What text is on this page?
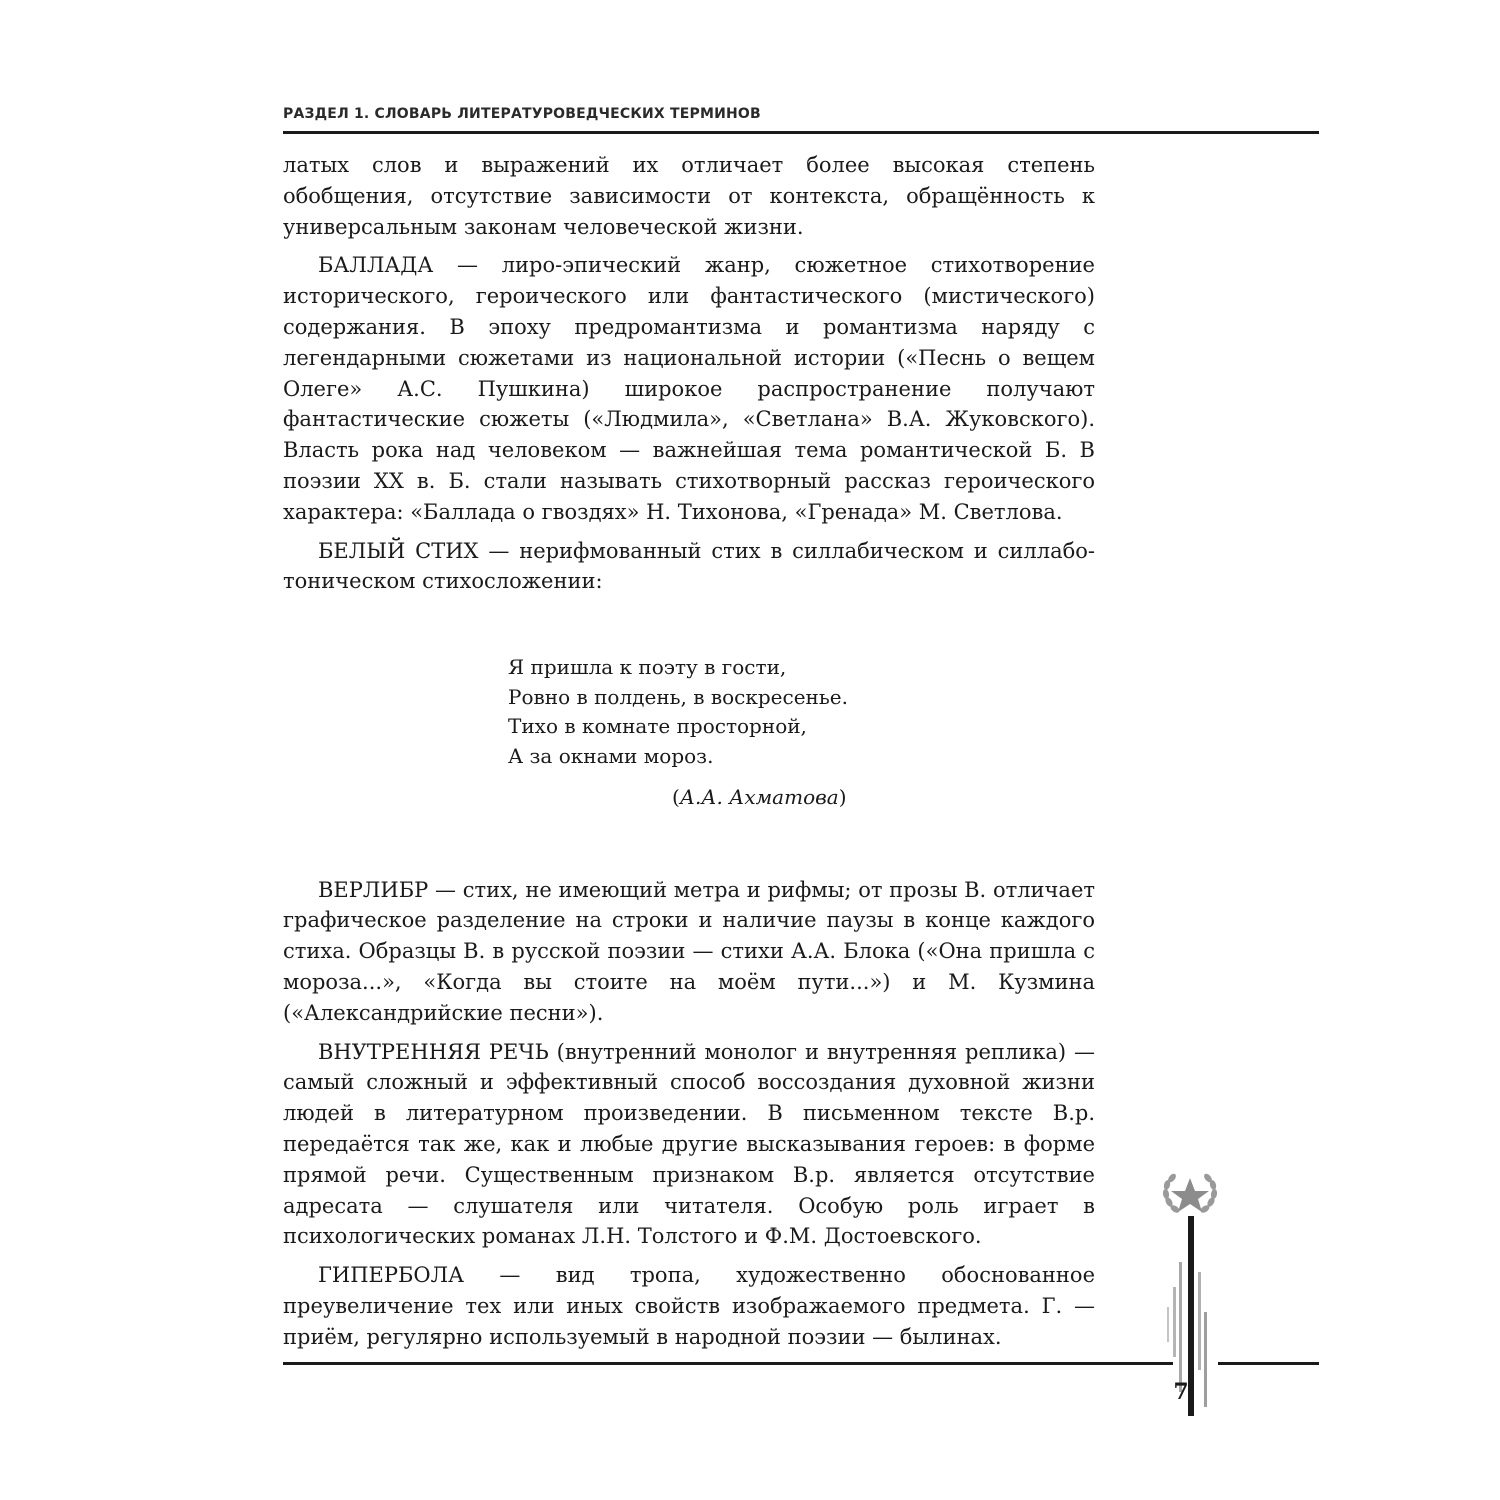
РАЗДЕЛ 1. СЛОВАРЬ ЛИТЕРАТУРОВЕДЧЕСКИХ ТЕРМИНОВ

латых слов и выражений их отличает более высокая степень обобщения, отсутствие зависимости от контекста, обращённость к универсальным законам человеческой жизни.

БАЛЛАДА — лиро-эпический жанр, сюжетное стихотворение исторического, героического или фантастического (мистического) содержания. В эпоху предромантизма и романтизма наряду с легендарными сюжетами из национальной истории («Песнь о вещем Олеге» А.С. Пушкина) широкое распространение получают фантастические сюжеты («Людмила», «Светлана» В.А. Жуковского). Власть рока над человеком — важнейшая тема романтической Б. В поэзии XX в. Б. стали называть стихотворный рассказ героического характера: «Баллада о гвоздях» Н. Тихонова, «Гренада» М. Светлова.

БЕЛЫЙ СТИХ — нерифмованный стих в силлабическом и силлабо-тоническом стихосложении:

Я пришла к поэту в гости,
Ровно в полдень, в воскресенье.
Тихо в комнате просторной,
А за окнами мороз.
(А.А. Ахматова)

ВЕРЛИБР — стих, не имеющий метра и рифмы; от прозы В. отличает графическое разделение на строки и наличие паузы в конце каждого стиха. Образцы В. в русской поэзии — стихи А.А. Блока («Она пришла с мороза...», «Когда вы стоите на моём пути...») и М. Кузмина («Александрийские песни»).

ВНУТРЕННЯЯ РЕЧЬ (внутренний монолог и внутренняя реплика) — самый сложный и эффективный способ воссоздания духовной жизни людей в литературном произведении. В письменном тексте В.р. передаётся так же, как и любые другие высказывания героев: в форме прямой речи. Существенным признаком В.р. является отсутствие адресата — слушателя или читателя. Особую роль играет в психологических романах Л.Н. Толстого и Ф.М. Достоевского.

ГИПЕРБОЛА — вид тропа, художественно обоснованное преувеличение тех или иных свойств изображаемого предмета. Г. — приём, регулярно используемый в народной поэзии — былинах.

7
